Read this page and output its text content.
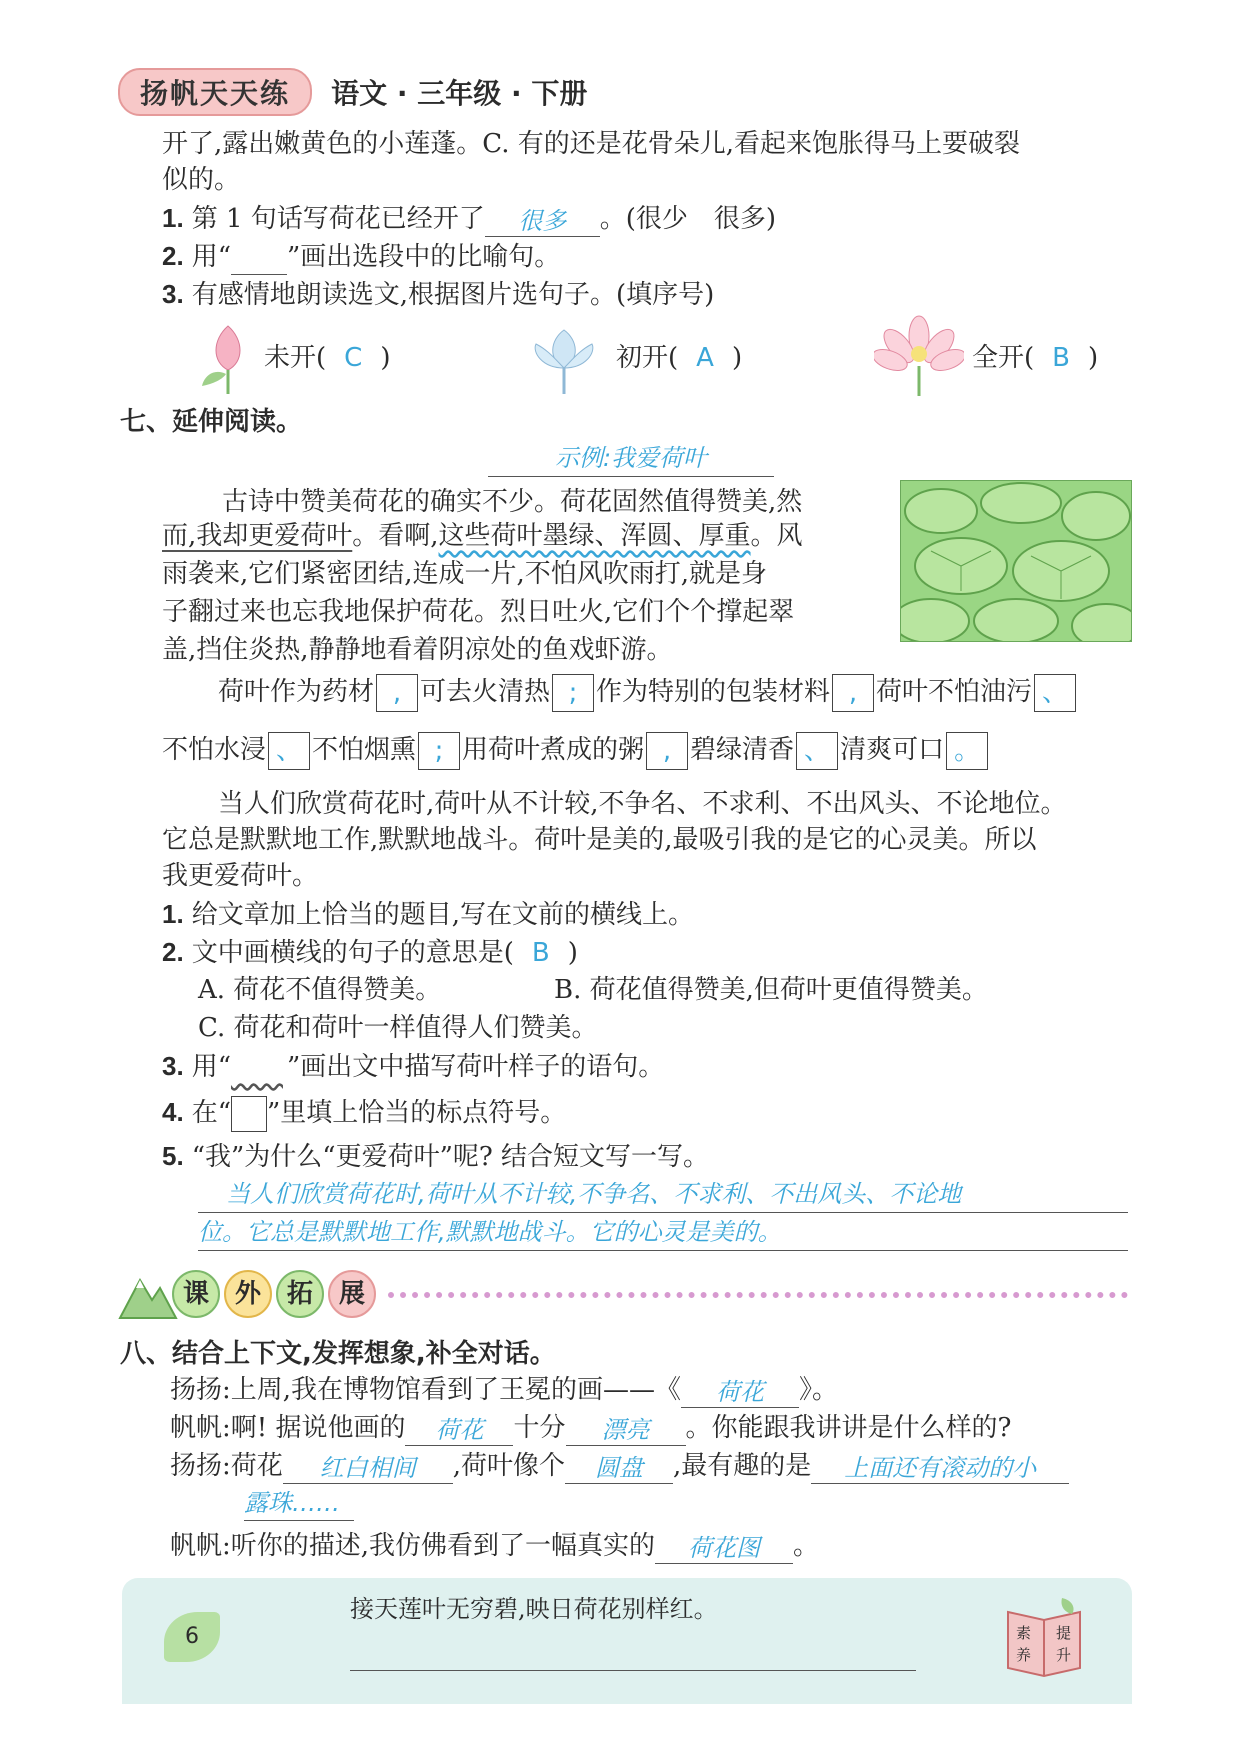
扬帆天天练 语文 · 三年级 · 下册
开了,露出嫩黄色的小莲蓬。C. 有的还是花骨朵儿,看起来饱胀得马上要破裂
似的。
1. 第 1 句话写荷花已经开了 很多 。(很少　很多)
2. 用“ ”画出选段中的比喻句。
3. 有感情地朗读选文,根据图片选句子。(填序号)
未开( C )	初开( A )	全开( B )
七、延伸阅读。
示例:我爱荷叶
古诗中赞美荷花的确实不少。荷花固然值得赞美,然
而,我却更爱荷叶。看啊,这些荷叶墨绿、浑圆、厚重。风
雨袭来,它们紧密团结,连成一片,不怕风吹雨打,就是身
子翻过来也忘我地保护荷花。烈日吐火,它们个个撑起翠
盖,挡住炎热,静静地看着阴凉处的鱼戏虾游。
荷叶作为药材 , 可去火清热 ; 作为特别的包装材料 , 荷叶不怕油污 、
不怕水浸 、 不怕烟熏 ; 用荷叶煮成的粥 , 碧绿清香 、 清爽可口 。
当人们欣赏荷花时,荷叶从不计较,不争名、不求利、不出风头、不论地位。
它总是默默地工作,默默地战斗。荷叶是美的,最吸引我的是它的心灵美。所以
我更爱荷叶。
1. 给文章加上恰当的题目,写在文前的横线上。
2. 文中画横线的句子的意思是( B )
A. 荷花不值得赞美。	B. 荷花值得赞美,但荷叶更值得赞美。
C. 荷花和荷叶一样值得人们赞美。
3. 用“   ”画出文中描写荷叶样子的语句。
4. 在“ ”里填上恰当的标点符号。
5. “我”为什么“更爱荷叶”呢? 结合短文写一写。
当人们欣赏荷花时,荷叶从不计较,不争名、不求利、不出风头、不论地
位。它总是默默地工作,默默地战斗。它的心灵是美的。
课 外 拓 展
八、结合上下文,发挥想象,补全对话。
扬扬:上周,我在博物馆看到了王冕的画——《 荷花 》。
帆帆:啊! 据说他画的 荷花 十分 漂亮 。你能跟我讲讲是什么样的?
扬扬:荷花 红白相间 ,荷叶像个 圆盘 ,最有趣的是 上面还有滚动的小
露珠……
帆帆:听你的描述,我仿佛看到了一幅真实的 荷花图 。
6
接天莲叶无穷碧,映日荷花别样红。
素 提
养 升
